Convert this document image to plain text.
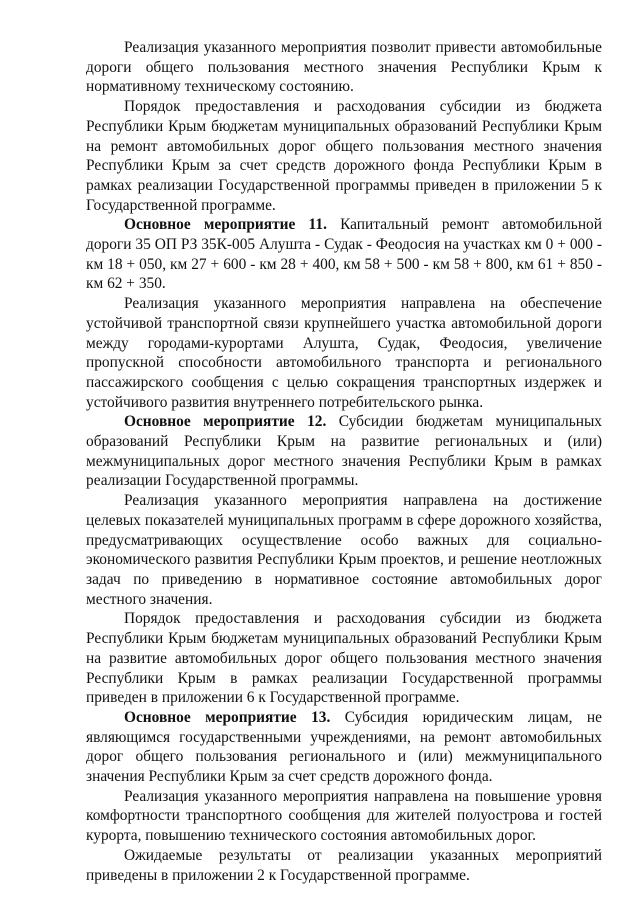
Реализация указанного мероприятия позволит привести автомобильные дороги общего пользования местного значения Республики Крым к нормативному техническому состоянию.

Порядок предоставления и расходования субсидии из бюджета Республики Крым бюджетам муниципальных образований Республики Крым на ремонт автомобильных дорог общего пользования местного значения Республики Крым за счет средств дорожного фонда Республики Крым в рамках реализации Государственной программы приведен в приложении 5 к Государственной программе.

Основное мероприятие 11. Капитальный ремонт автомобильной дороги 35 ОП РЗ 35К-005 Алушта - Судак - Феодосия на участках км 0 + 000 - км 18 + 050, км 27 + 600 - км 28 + 400, км 58 + 500 - км 58 + 800, км 61 + 850 - км 62 + 350.

Реализация указанного мероприятия направлена на обеспечение устойчивой транспортной связи крупнейшего участка автомобильной дороги между городами-курортами Алушта, Судак, Феодосия, увеличение пропускной способности автомобильного транспорта и регионального пассажирского сообщения с целью сокращения транспортных издержек и устойчивого развития внутреннего потребительского рынка.

Основное мероприятие 12. Субсидии бюджетам муниципальных образований Республики Крым на развитие региональных и (или) межмуниципальных дорог местного значения Республики Крым в рамках реализации Государственной программы.

Реализация указанного мероприятия направлена на достижение целевых показателей муниципальных программ в сфере дорожного хозяйства, предусматривающих осуществление особо важных для социально-экономического развития Республики Крым проектов, и решение неотложных задач по приведению в нормативное состояние автомобильных дорог местного значения.

Порядок предоставления и расходования субсидии из бюджета Республики Крым бюджетам муниципальных образований Республики Крым на развитие автомобильных дорог общего пользования местного значения Республики Крым в рамках реализации Государственной программы приведен в приложении 6 к Государственной программе.

Основное мероприятие 13. Субсидия юридическим лицам, не являющимся государственными учреждениями, на ремонт автомобильных дорог общего пользования регионального и (или) межмуниципального значения Республики Крым за счет средств дорожного фонда.

Реализация указанного мероприятия направлена на повышение уровня комфортности транспортного сообщения для жителей полуострова и гостей курорта, повышению технического состояния автомобильных дорог.

Ожидаемые результаты от реализации указанных мероприятий приведены в приложении 2 к Государственной программе.
